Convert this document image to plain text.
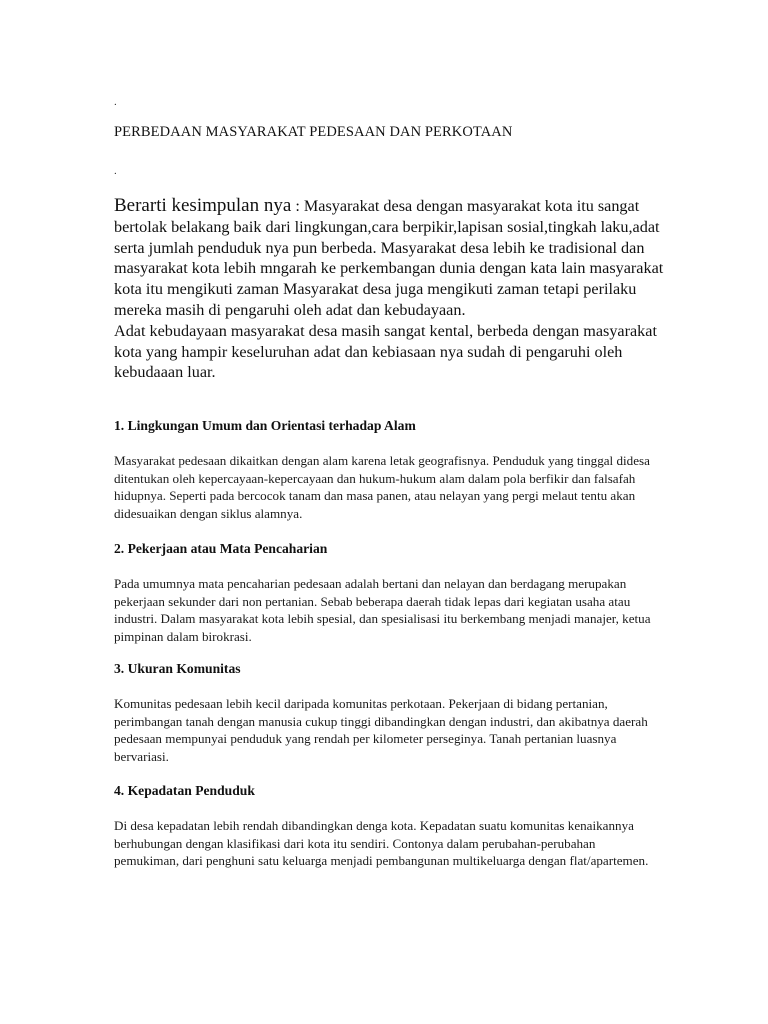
.
PERBEDAAN MASYARAKAT PEDESAAN DAN PERKOTAAN
.

Berarti kesimpulan nya : Masyarakat desa dengan masyarakat kota itu sangat bertolak belakang baik dari lingkungan,cara berpikir,lapisan sosial,tingkah laku,adat serta jumlah penduduk nya pun berbeda. Masyarakat desa lebih ke tradisional dan masyarakat kota lebih mngarah ke perkembangan dunia dengan kata lain masyarakat kota itu mengikuti zaman Masyarakat desa juga mengikuti zaman tetapi perilaku mereka masih di pengaruhi oleh adat dan kebudayaan.

Adat kebudayaan masyarakat desa masih sangat kental, berbeda dengan masyarakat kota yang hampir keseluruhan adat dan kebiasaan nya sudah di pengaruhi oleh kebudaaan luar.

1. Lingkungan Umum dan Orientasi terhadap Alam

Masyarakat pedesaan dikaitkan dengan alam karena letak geografisnya. Penduduk yang tinggal didesa ditentukan oleh kepercayaan-kepercayaan dan hukum-hukum alam dalam pola berfikir dan falsafah hidupnya. Seperti pada bercocok tanam dan masa panen, atau nelayan yang pergi melaut tentu akan didesuaikan dengan siklus alamnya.

2. Pekerjaan atau Mata Pencaharian

Pada umumnya mata pencaharian pedesaan adalah bertani dan nelayan dan berdagang merupakan pekerjaan sekunder dari non pertanian. Sebab beberapa daerah tidak lepas dari kegiatan usaha atau industri. Dalam masyarakat kota lebih spesial, dan spesialisasi itu berkembang menjadi manajer, ketua pimpinan dalam birokrasi.

3. Ukuran Komunitas

Komunitas pedesaan lebih kecil daripada komunitas perkotaan. Pekerjaan di bidang pertanian, perimbangan tanah dengan manusia cukup tinggi dibandingkan dengan industri, dan akibatnya daerah pedesaan mempunyai penduduk yang rendah per kilometer perseginya. Tanah pertanian luasnya bervariasi.

4. Kepadatan Penduduk

Di desa kepadatan lebih rendah dibandingkan denga kota. Kepadatan suatu komunitas kenaikannya berhubungan dengan klasifikasi dari kota itu sendiri. Contonya dalam perubahan-perubahan pemukiman, dari penghuni satu keluarga menjadi pembangunan multikeluarga dengan flat/apartemen.
